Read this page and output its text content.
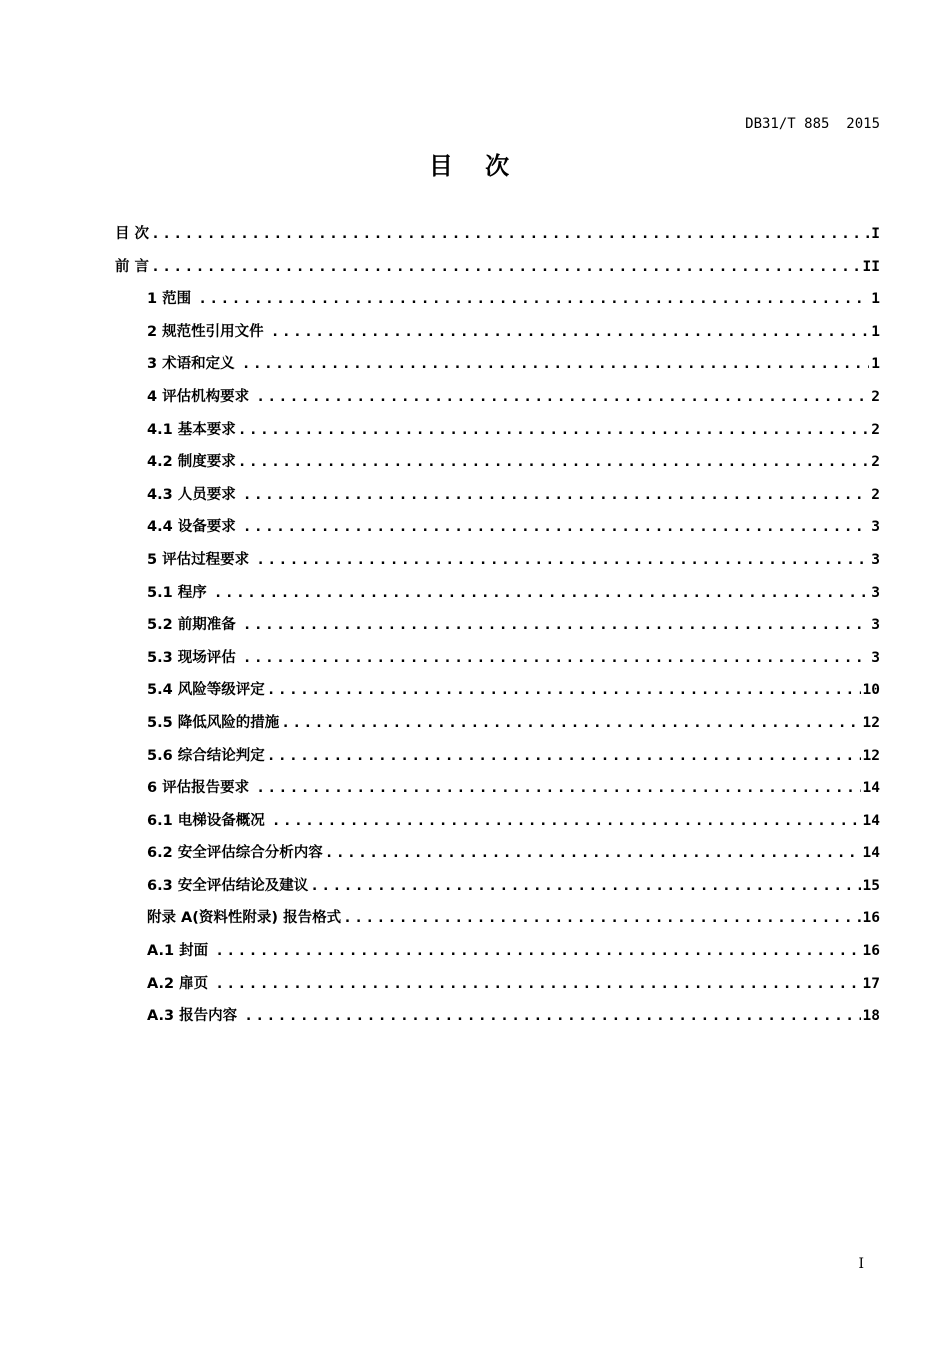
DB31/T 885  2015
目 次
目 次 .....	I
前 言 .....	II
1 范围 .....	1
2 规范性引用文件 .....	1
3 术语和定义 .....	1
4 评估机构要求 .....	2
4.1 基本要求 .....	2
4.2 制度要求 .....	2
4.3 人员要求 .....	2
4.4 设备要求 .....	3
5 评估过程要求 .....	3
5.1 程序 .....	3
5.2 前期准备 .....	3
5.3 现场评估 .....	3
5.4 风险等级评定 .....	10
5.5 降低风险的措施 .....	12
5.6 综合结论判定 .....	12
6 评估报告要求 .....	14
6.1 电梯设备概况 .....	14
6.2 安全评估综合分析内容 .....	14
6.3 安全评估结论及建议 .....	15
附录 A(资料性附录) 报告格式 .....	16
A.1 封面 .....	16
A.2 扉页 .....	17
A.3 报告内容 .....	18
I
